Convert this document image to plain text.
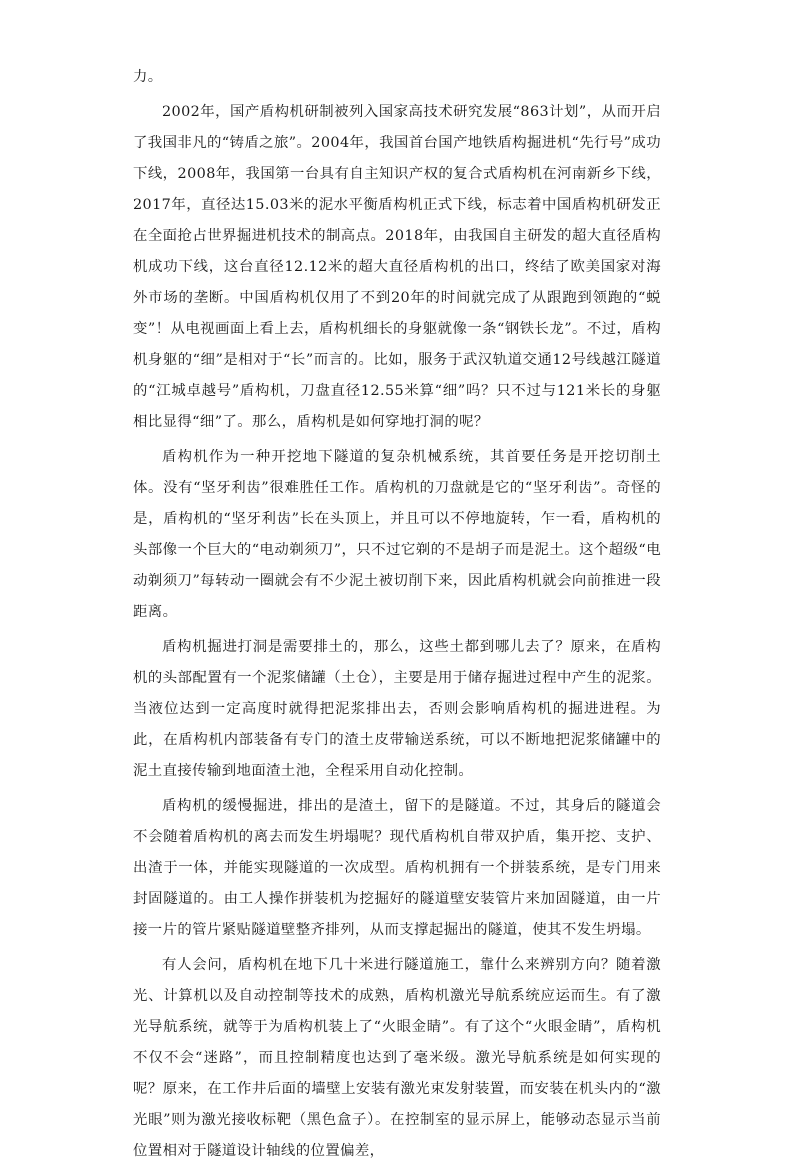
力。

2002年，国产盾构机研制被列入国家高技术研究发展“863计划”，从而开启了我国非凡的“铸盾之旅”。2004年，我国首台国产地铁盾构掘进机“先行号”成功下线，2008年，我国第一台具有自主知识产权的复合式盾构机在河南新乡下线，2017年，直径达15.03米的泥水平衡盾构机正式下线，标志着中国盾构机研发正在全面抢占世界掘进机技术的制高点。2018年，由我国自主研发的超大直径盾构机成功下线，这台直径12.12米的超大直径盾构机的出口，终结了欧美国家对海外市场的垄断。中国盾构机仅用了不到20年的时间就完成了从跟跑到领跑的“蜕变”！从电视画面上看上去，盾构机细长的身躯就像一条“钢铁长龙”。不过，盾构机身躯的“细”是相对于“长”而言的。比如，服务于武汉轨道交通12号线越江隧道的“江城卓越号”盾构机，刀盘直径12.55米算“细”吗？只不过与121米长的身躯相比显得“细”了。那么，盾构机是如何穿地打洞的呢？

盾构机作为一种开挖地下隧道的复杂机械系统，其首要任务是开挖切削土体。没有“坚牙利齿”很难胜任工作。盾构机的刀盘就是它的“坚牙利齿”。奇怪的是，盾构机的“坚牙利齿”长在头顶上，并且可以不停地旋转，乍一看，盾构机的头部像一个巨大的“电动剃须刀”，只不过它剃的不是胡子而是泥土。这个超级“电动剃须刀”每转动一圈就会有不少泥土被切削下来，因此盾构机就会向前推进一段距离。

盾构机掘进打洞是需要排土的，那么，这些土都到哪儿去了？原来，在盾构机的头部配置有一个泥浆储罐（土仓），主要是用于储存掘进过程中产生的泥浆。当液位达到一定高度时就得把泥浆排出去，否则会影响盾构机的掘进进程。为此，在盾构机内部装备有专门的渣土皮带输送系统，可以不断地把泥浆储罐中的泥土直接传输到地面渣土池，全程采用自动化控制。

盾构机的缓慢掘进，排出的是渣土，留下的是隧道。不过，其身后的隧道会不会随着盾构机的离去而发生坍塌呢？现代盾构机自带双护盾，集开挖、支护、出渣于一体，并能实现隧道的一次成型。盾构机拥有一个拼装系统，是专门用来封固隧道的。由工人操作拼装机为挖掘好的隧道壁安装管片来加固隧道，由一片接一片的管片紧贴隧道壁整齐排列，从而支撑起掘出的隧道，使其不发生坍塌。

有人会问，盾构机在地下几十米进行隧道施工，靠什么来辨别方向？随着激光、计算机以及自动控制等技术的成熟，盾构机激光导航系统应运而生。有了激光导航系统，就等于为盾构机装上了“火眼金睛”。有了这个“火眼金睛”，盾构机不仅不会“迷路”，而且控制精度也达到了毫米级。激光导航系统是如何实现的呢？原来，在工作井后面的墙壁上安装有激光束发射装置，而安装在机头内的“激光眼”则为激光接收标靶（黑色盒子）。在控制室的显示屏上，能够动态显示当前位置相对于隧道设计轴线的位置偏差，
